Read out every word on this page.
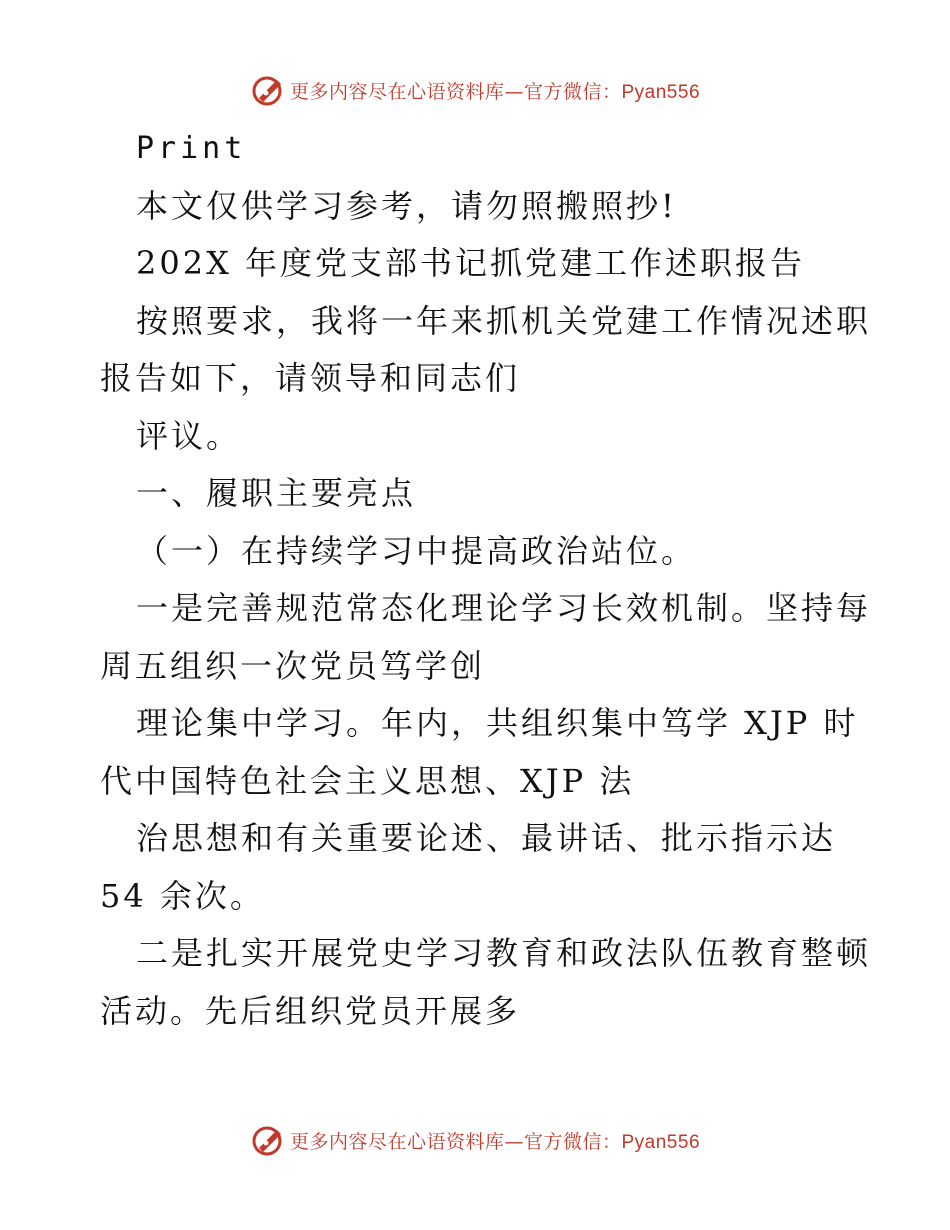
更多内容尽在心语资料库—官方微信：Pyan556

Print

本文仅供学习参考，请勿照搬照抄!

202X 年度党支部书记抓党建工作述职报告

按照要求，我将一年来抓机关党建工作情况述职

报告如下，请领导和同志们

评议。

一、履职主要亮点

（一）在持续学习中提高政治站位。

一是完善规范常态化理论学习长效机制。坚持每

周五组织一次党员笃学创

理论集中学习。年内，共组织集中笃学 XJP 时

代中国特色社会主义思想、XJP 法

治思想和有关重要论述、最讲话、批示指示达

54 余次。

二是扎实开展党史学习教育和政法队伍教育整顿

活动。先后组织党员开展多

更多内容尽在心语资料库—官方微信：Pyan556
